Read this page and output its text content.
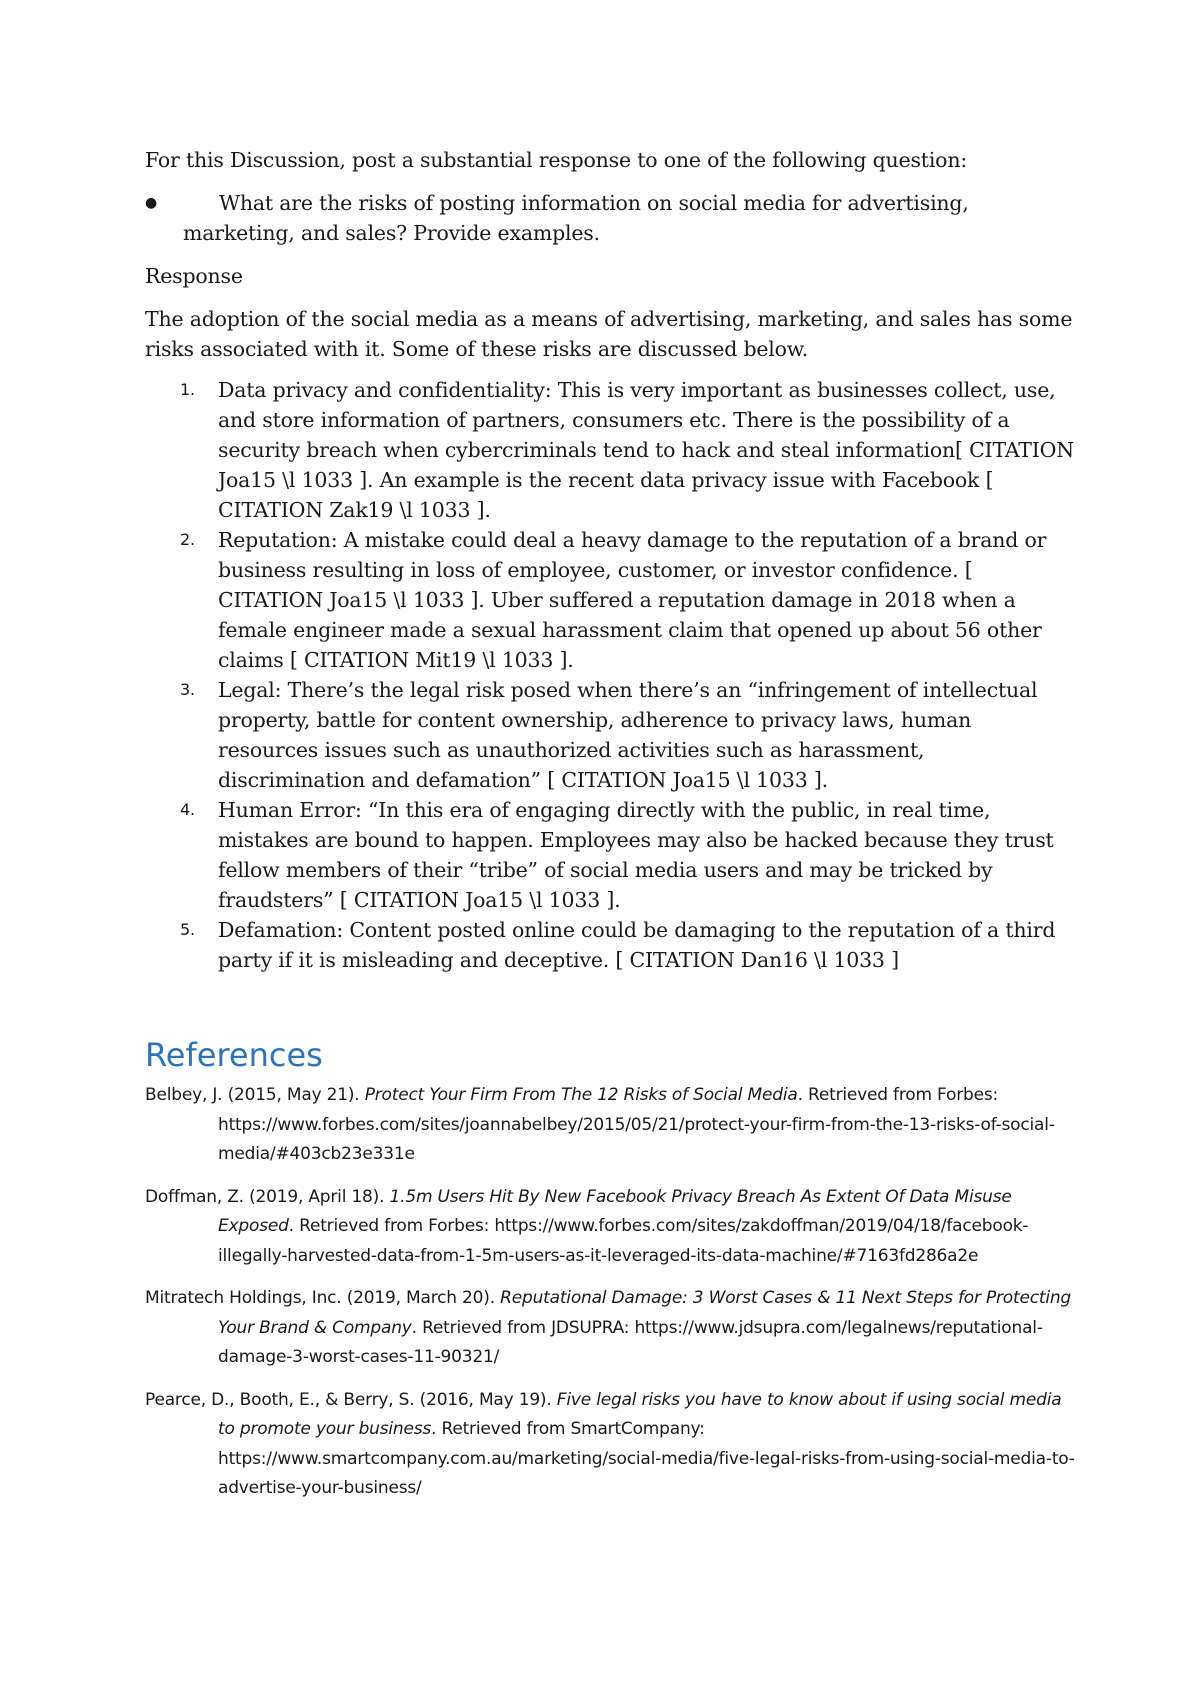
For this Discussion, post a substantial response to one of the following question:

●	What are the risks of posting information on social media for advertising, marketing, and sales? Provide examples.

Response

The adoption of the social media as a means of advertising, marketing, and sales has some risks associated with it. Some of these risks are discussed below.

1. Data privacy and confidentiality: This is very important as businesses collect, use, and store information of partners, consumers etc. There is the possibility of a security breach when cybercriminals tend to hack and steal information[ CITATION Joa15 \l 1033 ]. An example is the recent data privacy issue with Facebook [ CITATION Zak19 \l 1033 ].
2. Reputation: A mistake could deal a heavy damage to the reputation of a brand or business resulting in loss of employee, customer, or investor confidence. [ CITATION Joa15 \l 1033 ]. Uber suffered a reputation damage in 2018 when a female engineer made a sexual harassment claim that opened up about 56 other claims [ CITATION Mit19 \l 1033 ].
3. Legal: There’s the legal risk posed when there’s an “infringement of intellectual property, battle for content ownership, adherence to privacy laws, human resources issues such as unauthorized activities such as harassment, discrimination and defamation” [ CITATION Joa15 \l 1033 ].
4. Human Error: “In this era of engaging directly with the public, in real time, mistakes are bound to happen. Employees may also be hacked because they trust fellow members of their “tribe” of social media users and may be tricked by fraudsters” [ CITATION Joa15 \l 1033 ].
5. Defamation: Content posted online could be damaging to the reputation of a third party if it is misleading and deceptive. [ CITATION Dan16 \l 1033 ]
References

Belbey, J. (2015, May 21). Protect Your Firm From The 12 Risks of Social Media. Retrieved from Forbes: https://www.forbes.com/sites/joannabelbey/2015/05/21/protect-your-firm-from-the-13-risks-of-social-media/#403cb23e331e

Doffman, Z. (2019, April 18). 1.5m Users Hit By New Facebook Privacy Breach As Extent Of Data Misuse Exposed. Retrieved from Forbes: https://www.forbes.com/sites/zakdoffman/2019/04/18/facebook-illegally-harvested-data-from-1-5m-users-as-it-leveraged-its-data-machine/#7163fd286a2e

Mitratech Holdings, Inc. (2019, March 20). Reputational Damage: 3 Worst Cases & 11 Next Steps for Protecting Your Brand & Company. Retrieved from JDSUPRA: https://www.jdsupra.com/legalnews/reputational-damage-3-worst-cases-11-90321/

Pearce, D., Booth, E., & Berry, S. (2016, May 19). Five legal risks you have to know about if using social media to promote your business. Retrieved from SmartCompany: https://www.smartcompany.com.au/marketing/social-media/five-legal-risks-from-using-social-media-to-advertise-your-business/
